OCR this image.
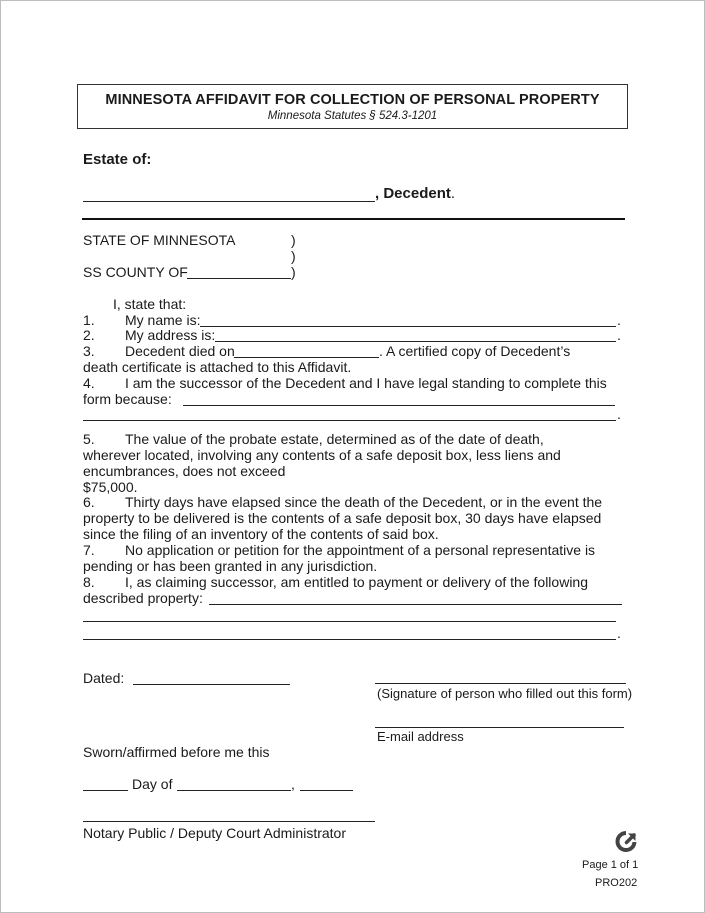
MINNESOTA AFFIDAVIT FOR COLLECTION OF PERSONAL PROPERTY
Minnesota Statutes § 524.3-1201
Estate of:
, Decedent.
STATE OF MINNESOTA	)
)
SS COUNTY OF	)
I, state that:
1. My name is:	.
2. My address is:	.
3. Decedent died on	. A certified copy of Decedent’s
death certificate is attached to this Affidavit.
4. I am the successor of the Decedent and I have legal standing to complete this
form because:
.
5. The value of the probate estate, determined as of the date of death,
wherever located, involving any contents of a safe deposit box, less liens and
encumbrances, does not exceed
$75,000.
6. Thirty days have elapsed since the death of the Decedent, or in the event the
property to be delivered is the contents of a safe deposit box, 30 days have elapsed
since the filing of an inventory of the contents of said box.
7. No application or petition for the appointment of a personal representative is
pending or has been granted in any jurisdiction.
8. I, as claiming successor, am entitled to payment or delivery of the following
described property:
.
Dated:
(Signature of person who filled out this form)
E-mail address
Sworn/affirmed before me this
Day of	,
Notary Public / Deputy Court Administrator
Page 1 of 1
PRO202
